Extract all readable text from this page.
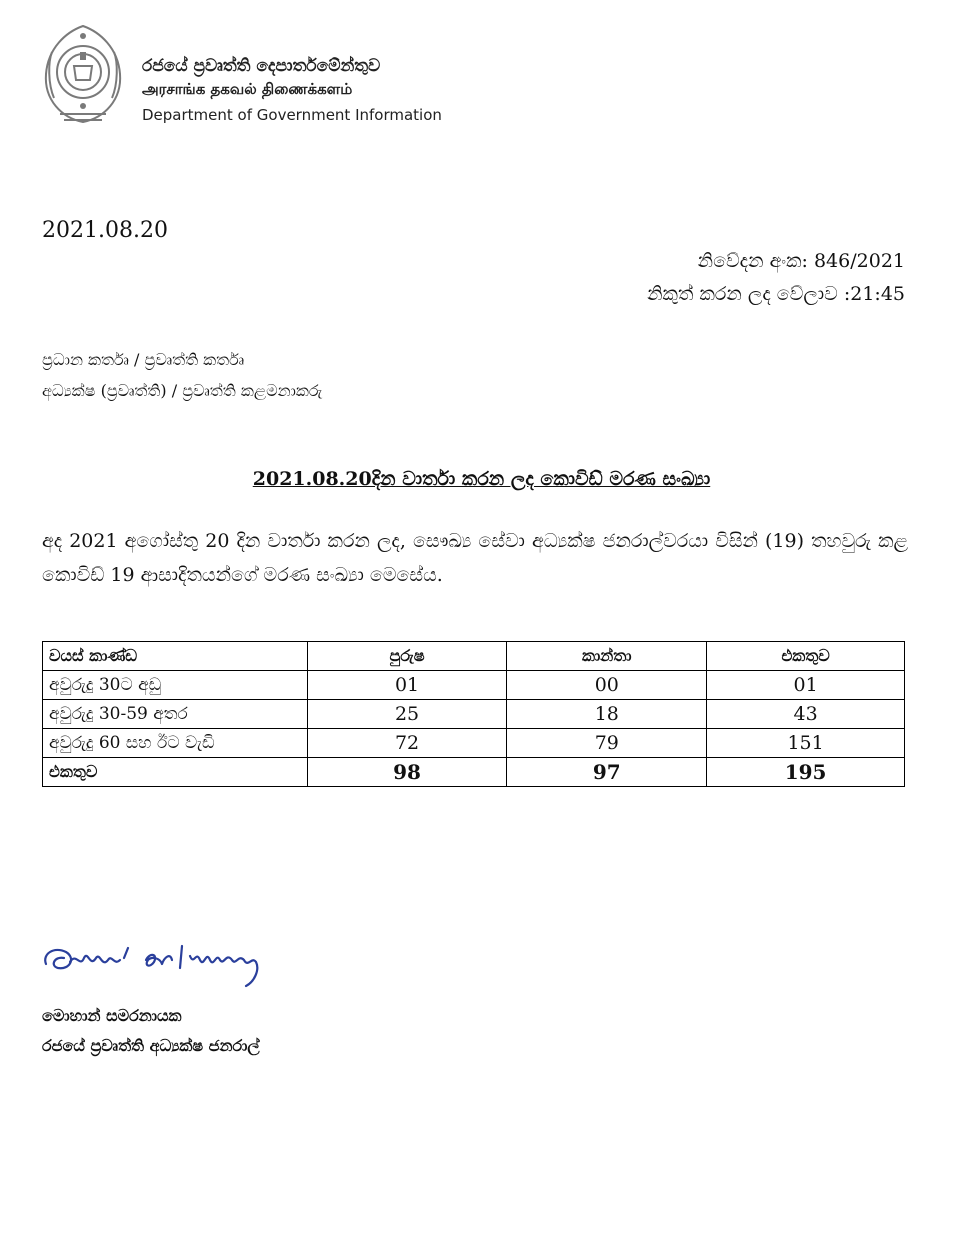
රජයේ ප්‍රවෘත්ති දෙපාර්තමේන්තුව
அரசாங்க தகவல் திணைக்களம்
Department of Government Information
2021.08.20
නිවේදන අංක: 846/2021
නිකුත් කරන ලද වේලාව :21:45
ප්‍රධාන කර්තෘ / ප්‍රවෘත්ති කර්තෘ
අධ්‍යක්ෂ (ප්‍රවෘත්ති) / ප්‍රවෘත්ති කළමනාකරු
2021.08.20දින වාර්තා කරන ලද කොවිඩ් මරණ සංඛ්‍යා
අද 2021 අගෝස්තු 20 දින වාර්තා කරන ලද, සෞඛ්‍ය සේවා අධ්‍යක්ෂ ජනරාල්වරයා විසින් (19) තහවුරු කළ කොවිඩ් 19 ආසාදිතයන්ගේ මරණ සංඛ්‍යා මෙසේය.
වයස් කාණ්ඩ	පුරුෂ	කාන්තා	එකතුව
අවුරුදු 30ට අඩු	01	00	01
අවුරුදු 30-59 අතර	25	18	43
අවුරුදු 60 සහ ඊට වැඩි	72	79	151
එකතුව	98	97	195
මොහාන් සමරනායක
රජයේ ප්‍රවෘත්ති අධ්‍යක්ෂ ජනරාල්
